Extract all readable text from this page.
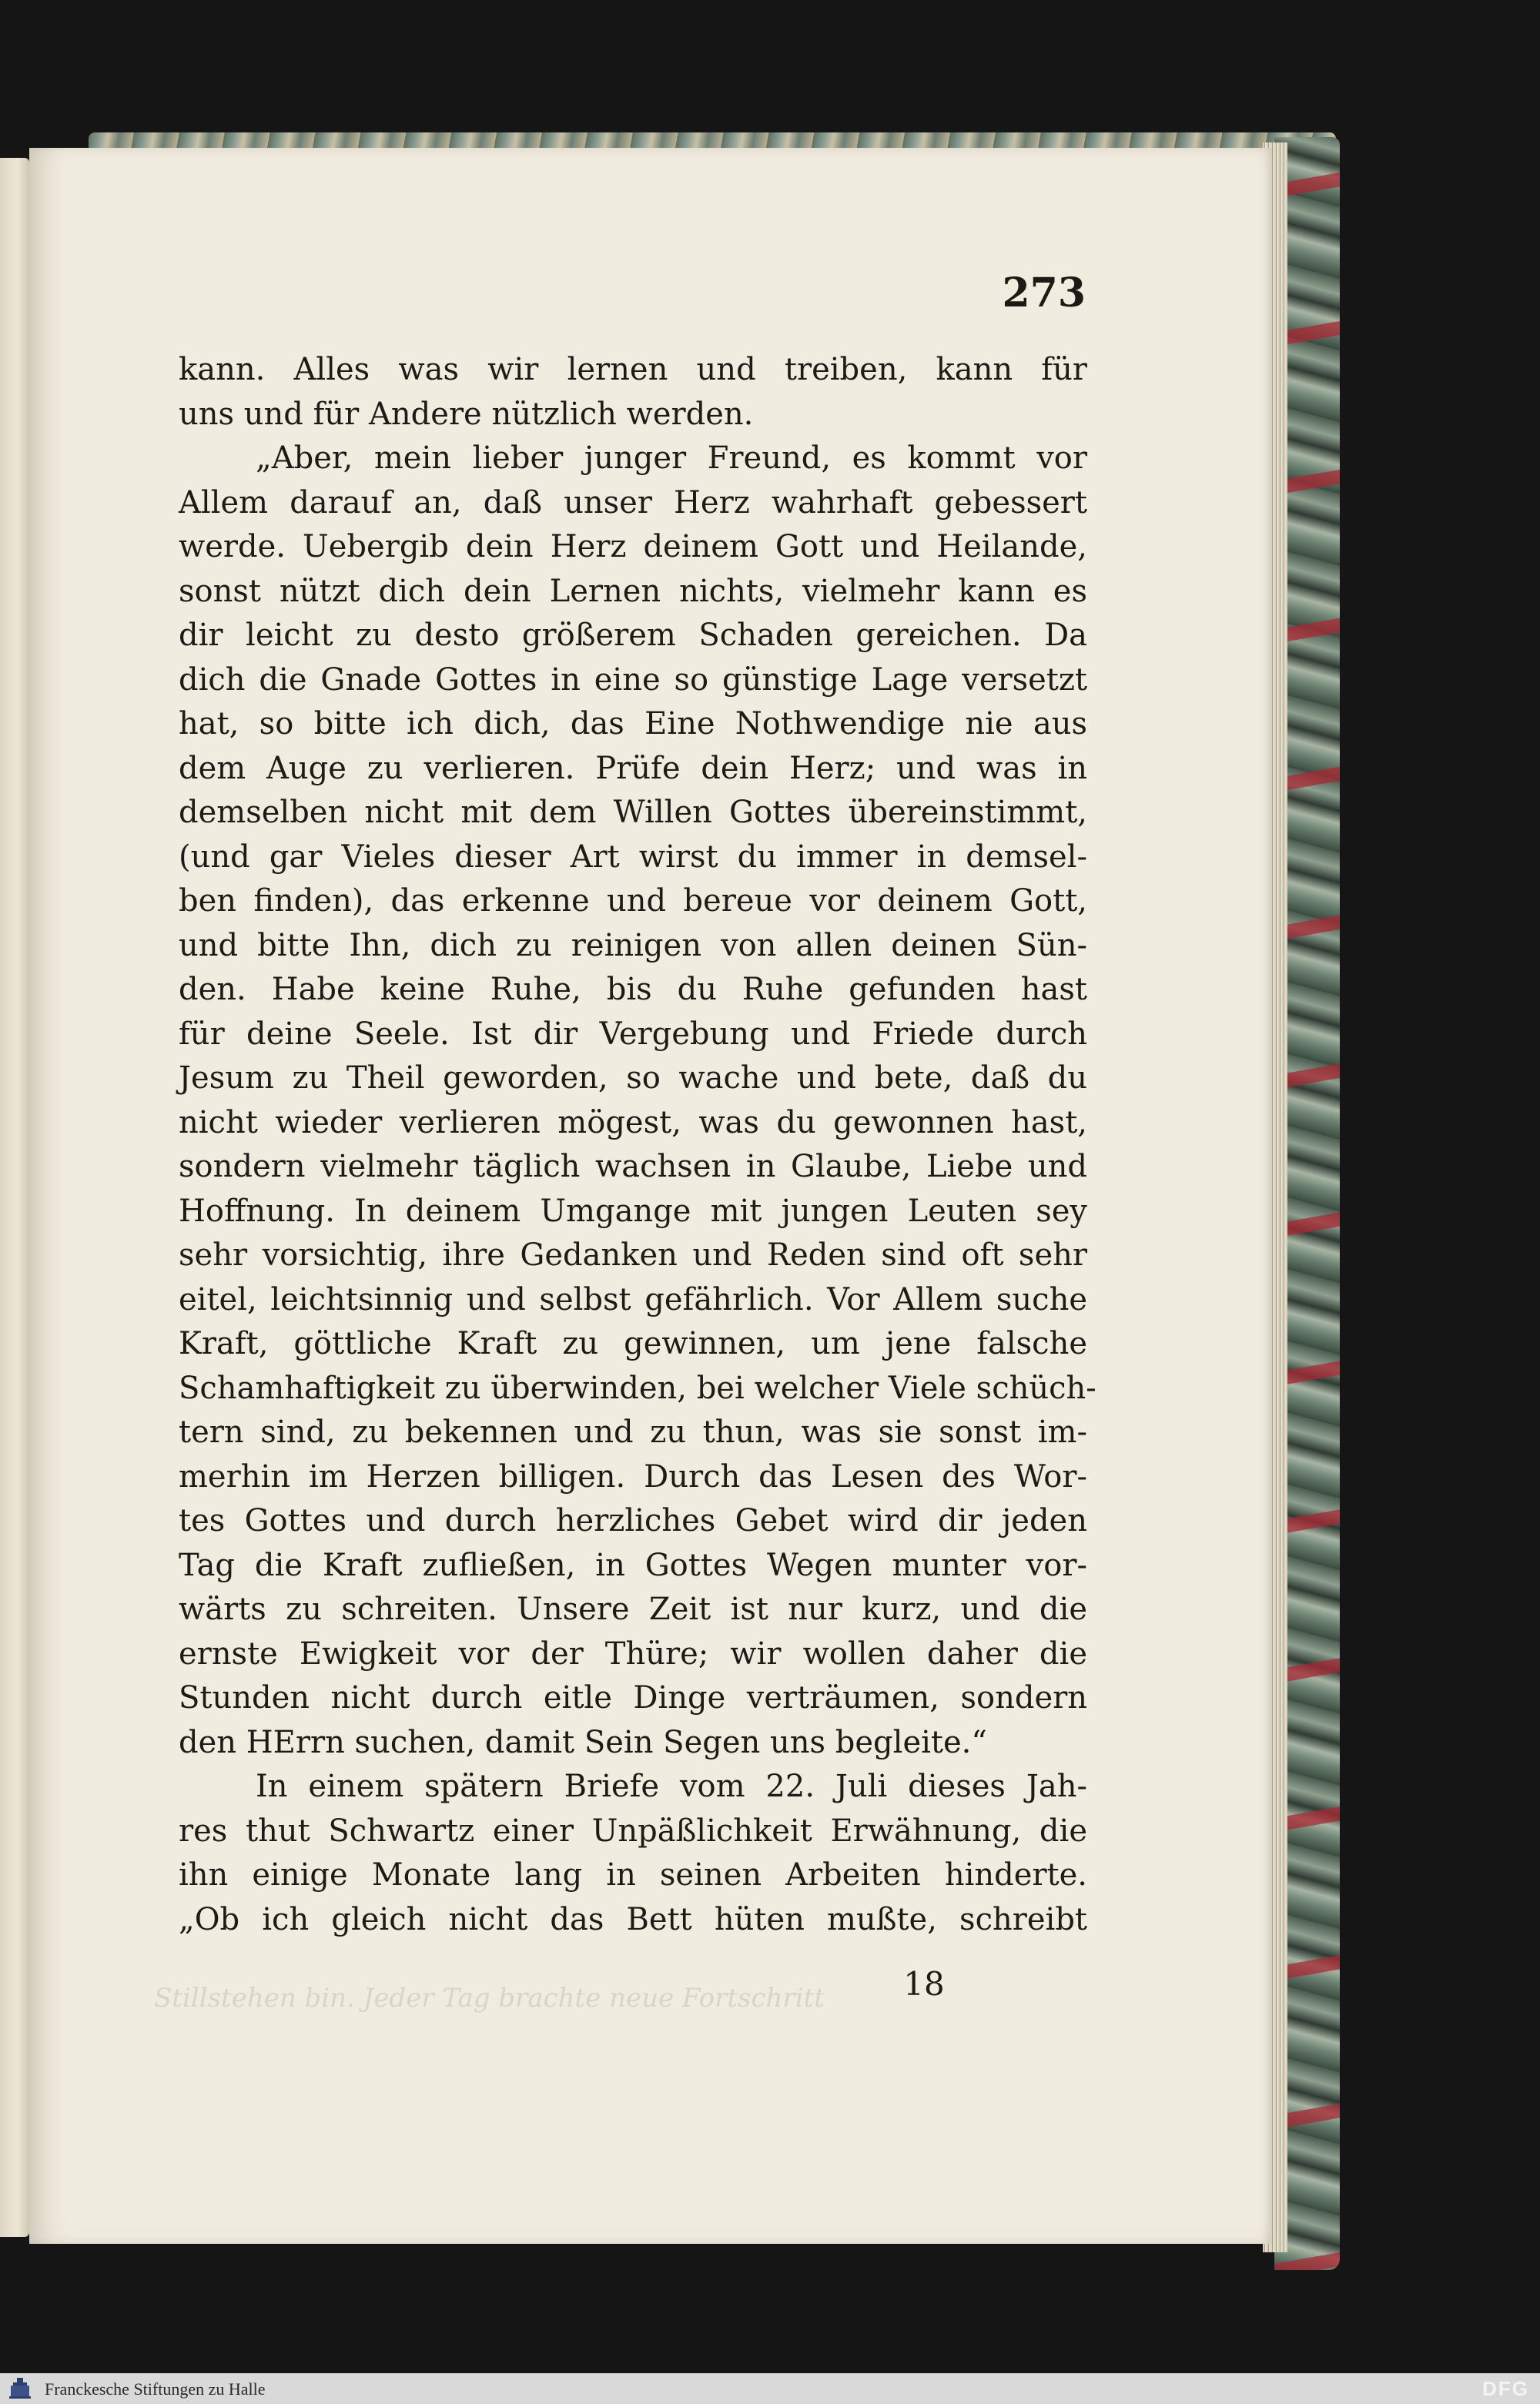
273
kann. Alles was wir lernen und treiben, kann für
uns und für Andere nützlich werden.
„Aber, mein lieber junger Freund, es kommt vor
Allem darauf an, daß unser Herz wahrhaft gebessert
werde. Uebergib dein Herz deinem Gott und Heilande,
sonst nützt dich dein Lernen nichts, vielmehr kann es
dir leicht zu desto größerem Schaden gereichen. Da
dich die Gnade Gottes in eine so günstige Lage versetzt
hat, so bitte ich dich, das Eine Nothwendige nie aus
dem Auge zu verlieren. Prüfe dein Herz; und was in
demselben nicht mit dem Willen Gottes übereinstimmt,
(und gar Vieles dieser Art wirst du immer in demsel-
ben finden), das erkenne und bereue vor deinem Gott,
und bitte Ihn, dich zu reinigen von allen deinen Sün-
den. Habe keine Ruhe, bis du Ruhe gefunden hast
für deine Seele. Ist dir Vergebung und Friede durch
Jesum zu Theil geworden, so wache und bete, daß du
nicht wieder verlieren mögest, was du gewonnen hast,
sondern vielmehr täglich wachsen in Glaube, Liebe und
Hoffnung. In deinem Umgange mit jungen Leuten sey
sehr vorsichtig, ihre Gedanken und Reden sind oft sehr
eitel, leichtsinnig und selbst gefährlich. Vor Allem suche
Kraft, göttliche Kraft zu gewinnen, um jene falsche
Schamhaftigkeit zu überwinden, bei welcher Viele schüch-
tern sind, zu bekennen und zu thun, was sie sonst im-
merhin im Herzen billigen. Durch das Lesen des Wor-
tes Gottes und durch herzliches Gebet wird dir jeden
Tag die Kraft zufließen, in Gottes Wegen munter vor-
wärts zu schreiten. Unsere Zeit ist nur kurz, und die
ernste Ewigkeit vor der Thüre; wir wollen daher die
Stunden nicht durch eitle Dinge verträumen, sondern
den HErrn suchen, damit Sein Segen uns begleite.“
In einem spätern Briefe vom 22. Juli dieses Jah-
res thut Schwartz einer Unpäßlichkeit Erwähnung, die
ihn einige Monate lang in seinen Arbeiten hinderte.
„Ob ich gleich nicht das Bett hüten mußte, schreibt
Stillstehen bin. Jeder Tag brachte neue Fortschritt	18
Franckesche Stiftungen zu Halle	DFG
